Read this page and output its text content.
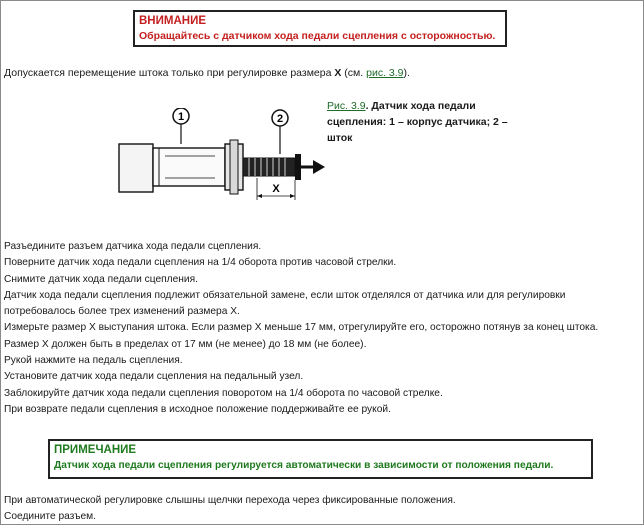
ВНИМАНИЕ
Обращайтесь с датчиком хода педали сцепления с осторожностью.
Допускается перемещение штока только при регулировке размера X (см. рис. 3.9).
1	2
X
Рис. 3.9. Датчик хода педали сцепления: 1 – корпус датчика; 2 – шток
Разъедините разъем датчика хода педали сцепления.
Поверните датчик хода педали сцепления на 1/4 оборота против часовой стрелки.
Снимите датчик хода педали сцепления.
Датчик хода педали сцепления подлежит обязательной замене, если шток отделялся от датчика или для регулировки
потребовалось более трех изменений размера X.
Измерьте размер X выступания штока. Если размер X меньше 17 мм, отрегулируйте его, осторожно потянув за конец штока.
Размер X должен быть в пределах от 17 мм (не менее) до 18 мм (не более).
Рукой нажмите на педаль сцепления.
Установите датчик хода педали сцепления на педальный узел.
Заблокируйте датчик хода педали сцепления поворотом на 1/4 оборота по часовой стрелке.
При возврате педали сцепления в исходное положение поддерживайте ее рукой.
ПРИМЕЧАНИЕ
Датчик хода педали сцепления регулируется автоматически в зависимости от положения педали.
При автоматической регулировке слышны щелчки перехода через фиксированные положения.
Соедините разъем.
